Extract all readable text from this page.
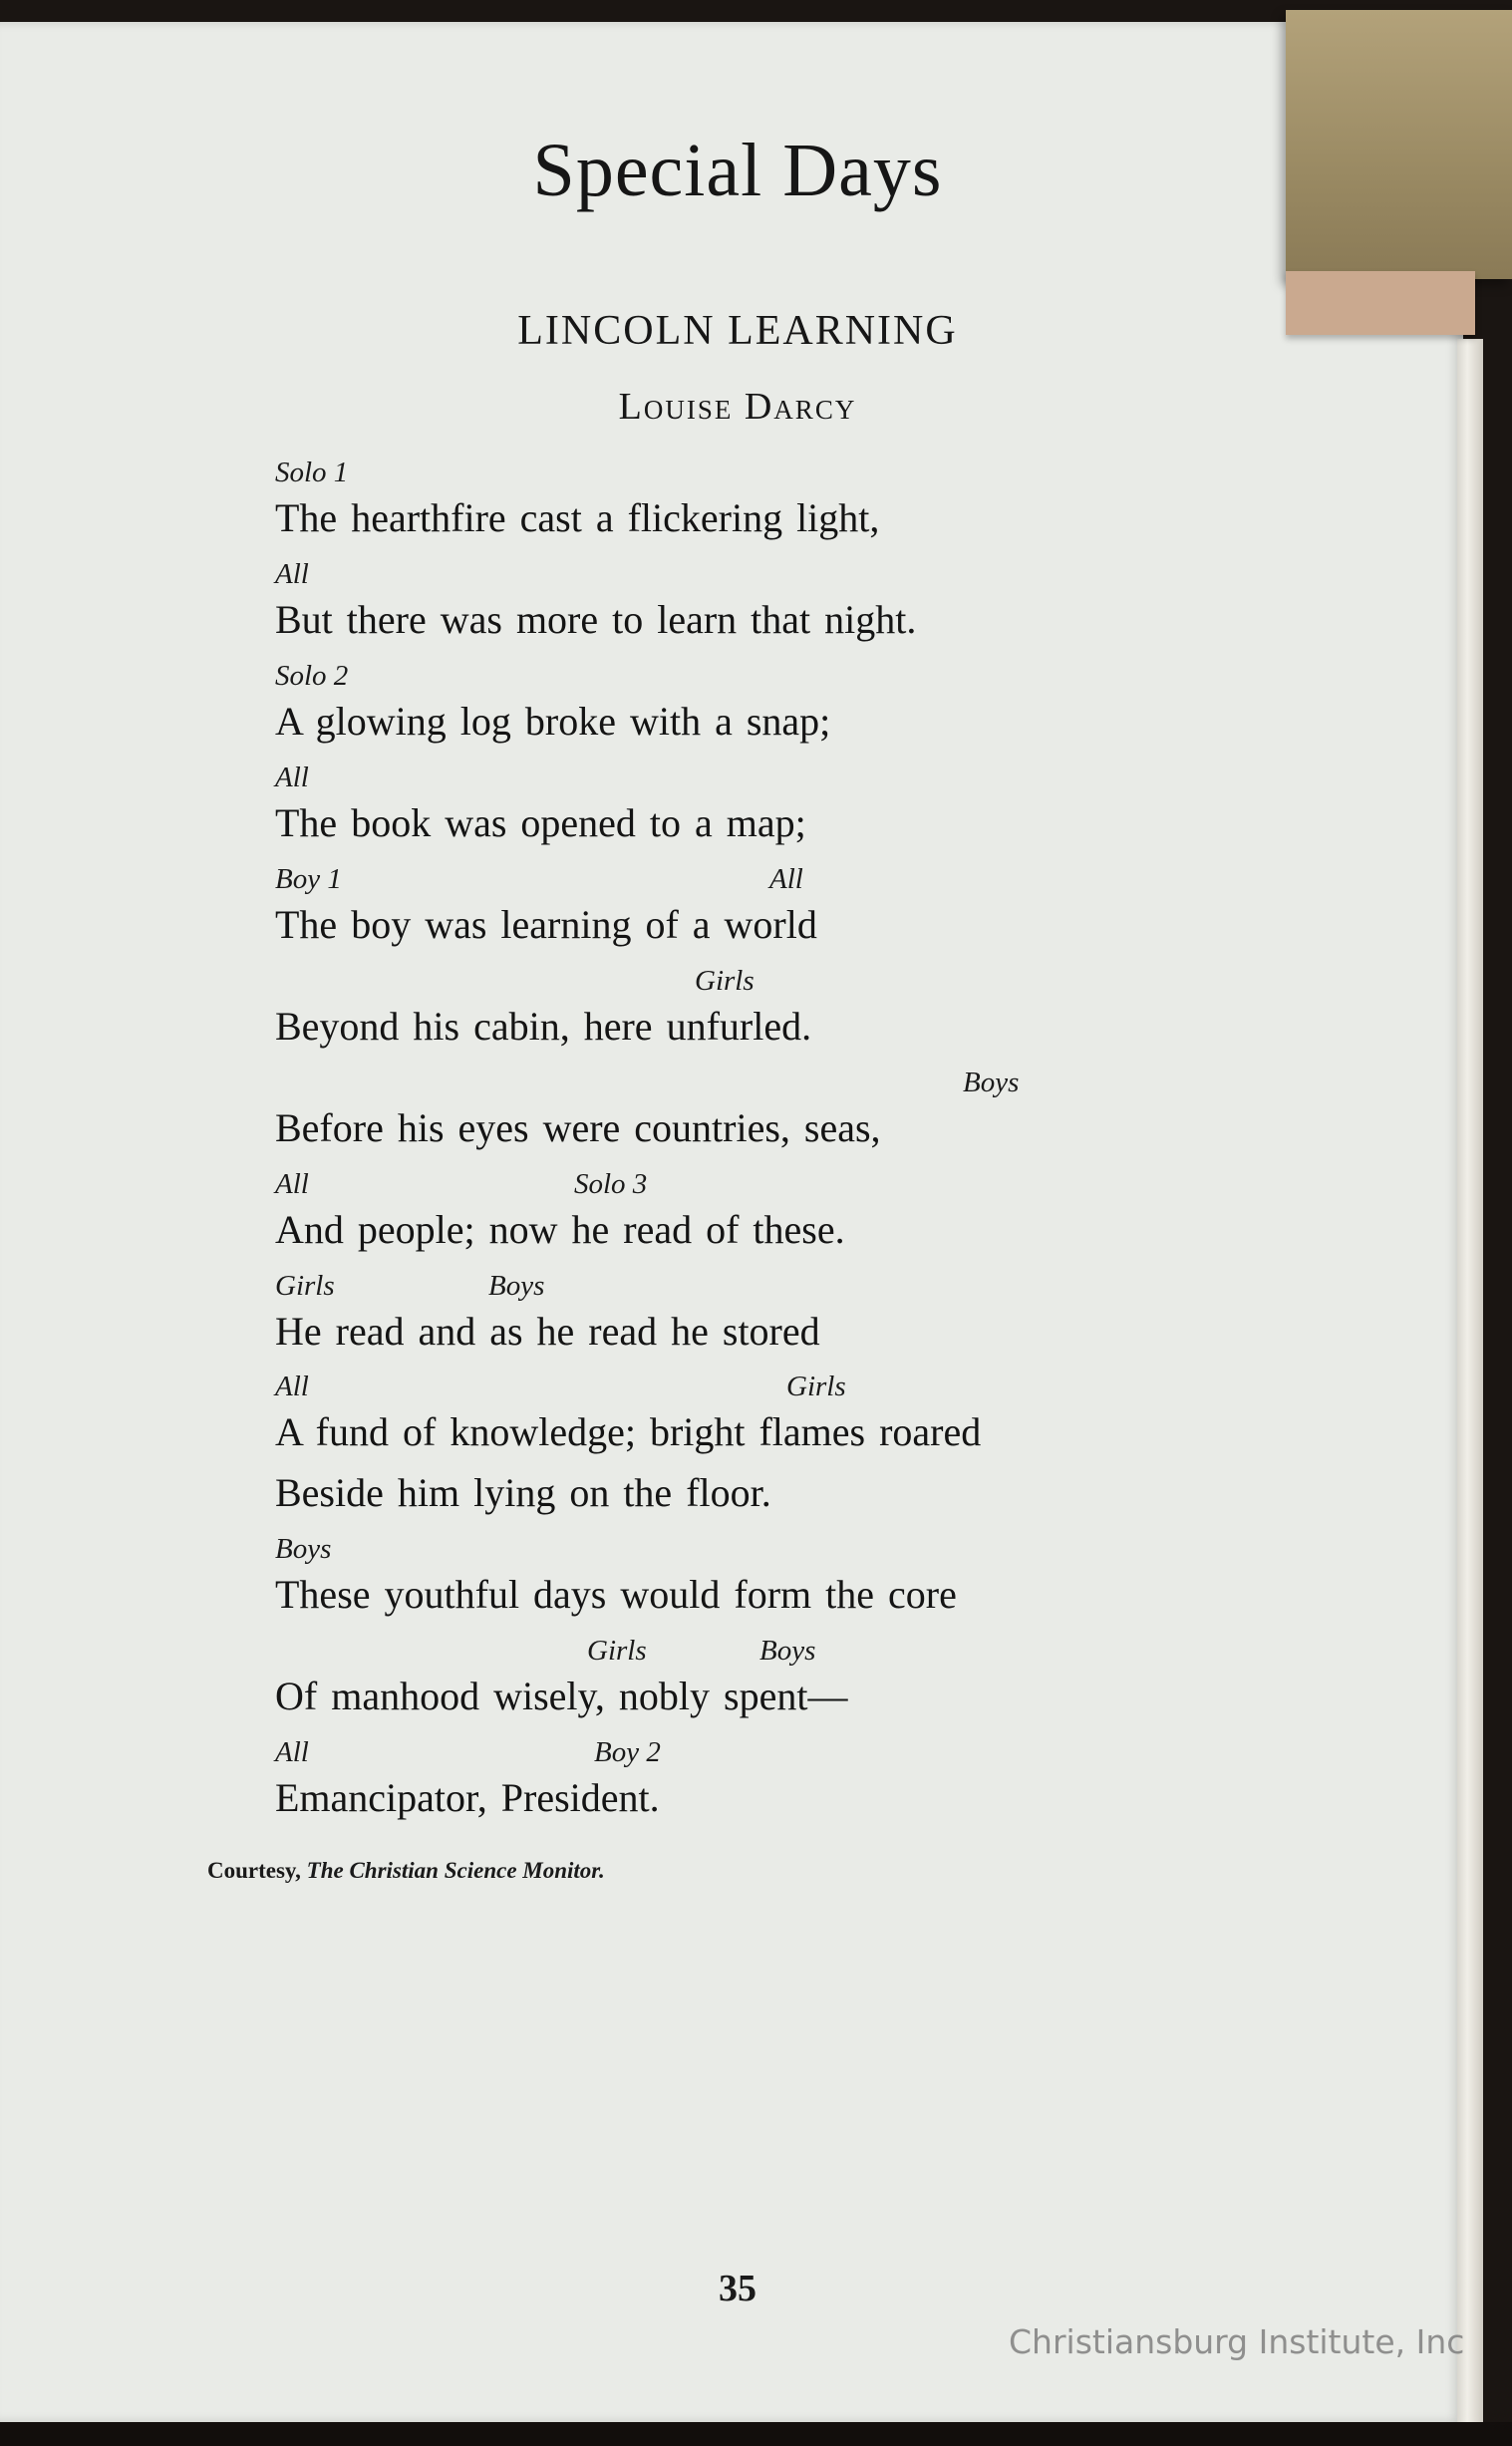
Special Days
LINCOLN LEARNING
Louise Darcy
Solo 1
All
Solo 2
All
Boy 1	All
Girls
Boys
All	Solo 3
Girls	Boys
All	Girls
Boys
Girls	Boys
All	Boy 2
The hearthfire cast a flickering light,
But there was more to learn that night.
A glowing log broke with a snap;
The book was opened to a map;
The boy was learning of a world
Beyond his cabin, here unfurled.
Before his eyes were countries, seas,
And people; now he read of these.
He read and as he read he stored
A fund of knowledge; bright flames roared
Beside him lying on the floor.
These youthful days would form the core
Of manhood wisely, nobly spent—
Emancipator, President.
Courtesy, The Christian Science Monitor.
35
Christiansburg Institute, Inc
